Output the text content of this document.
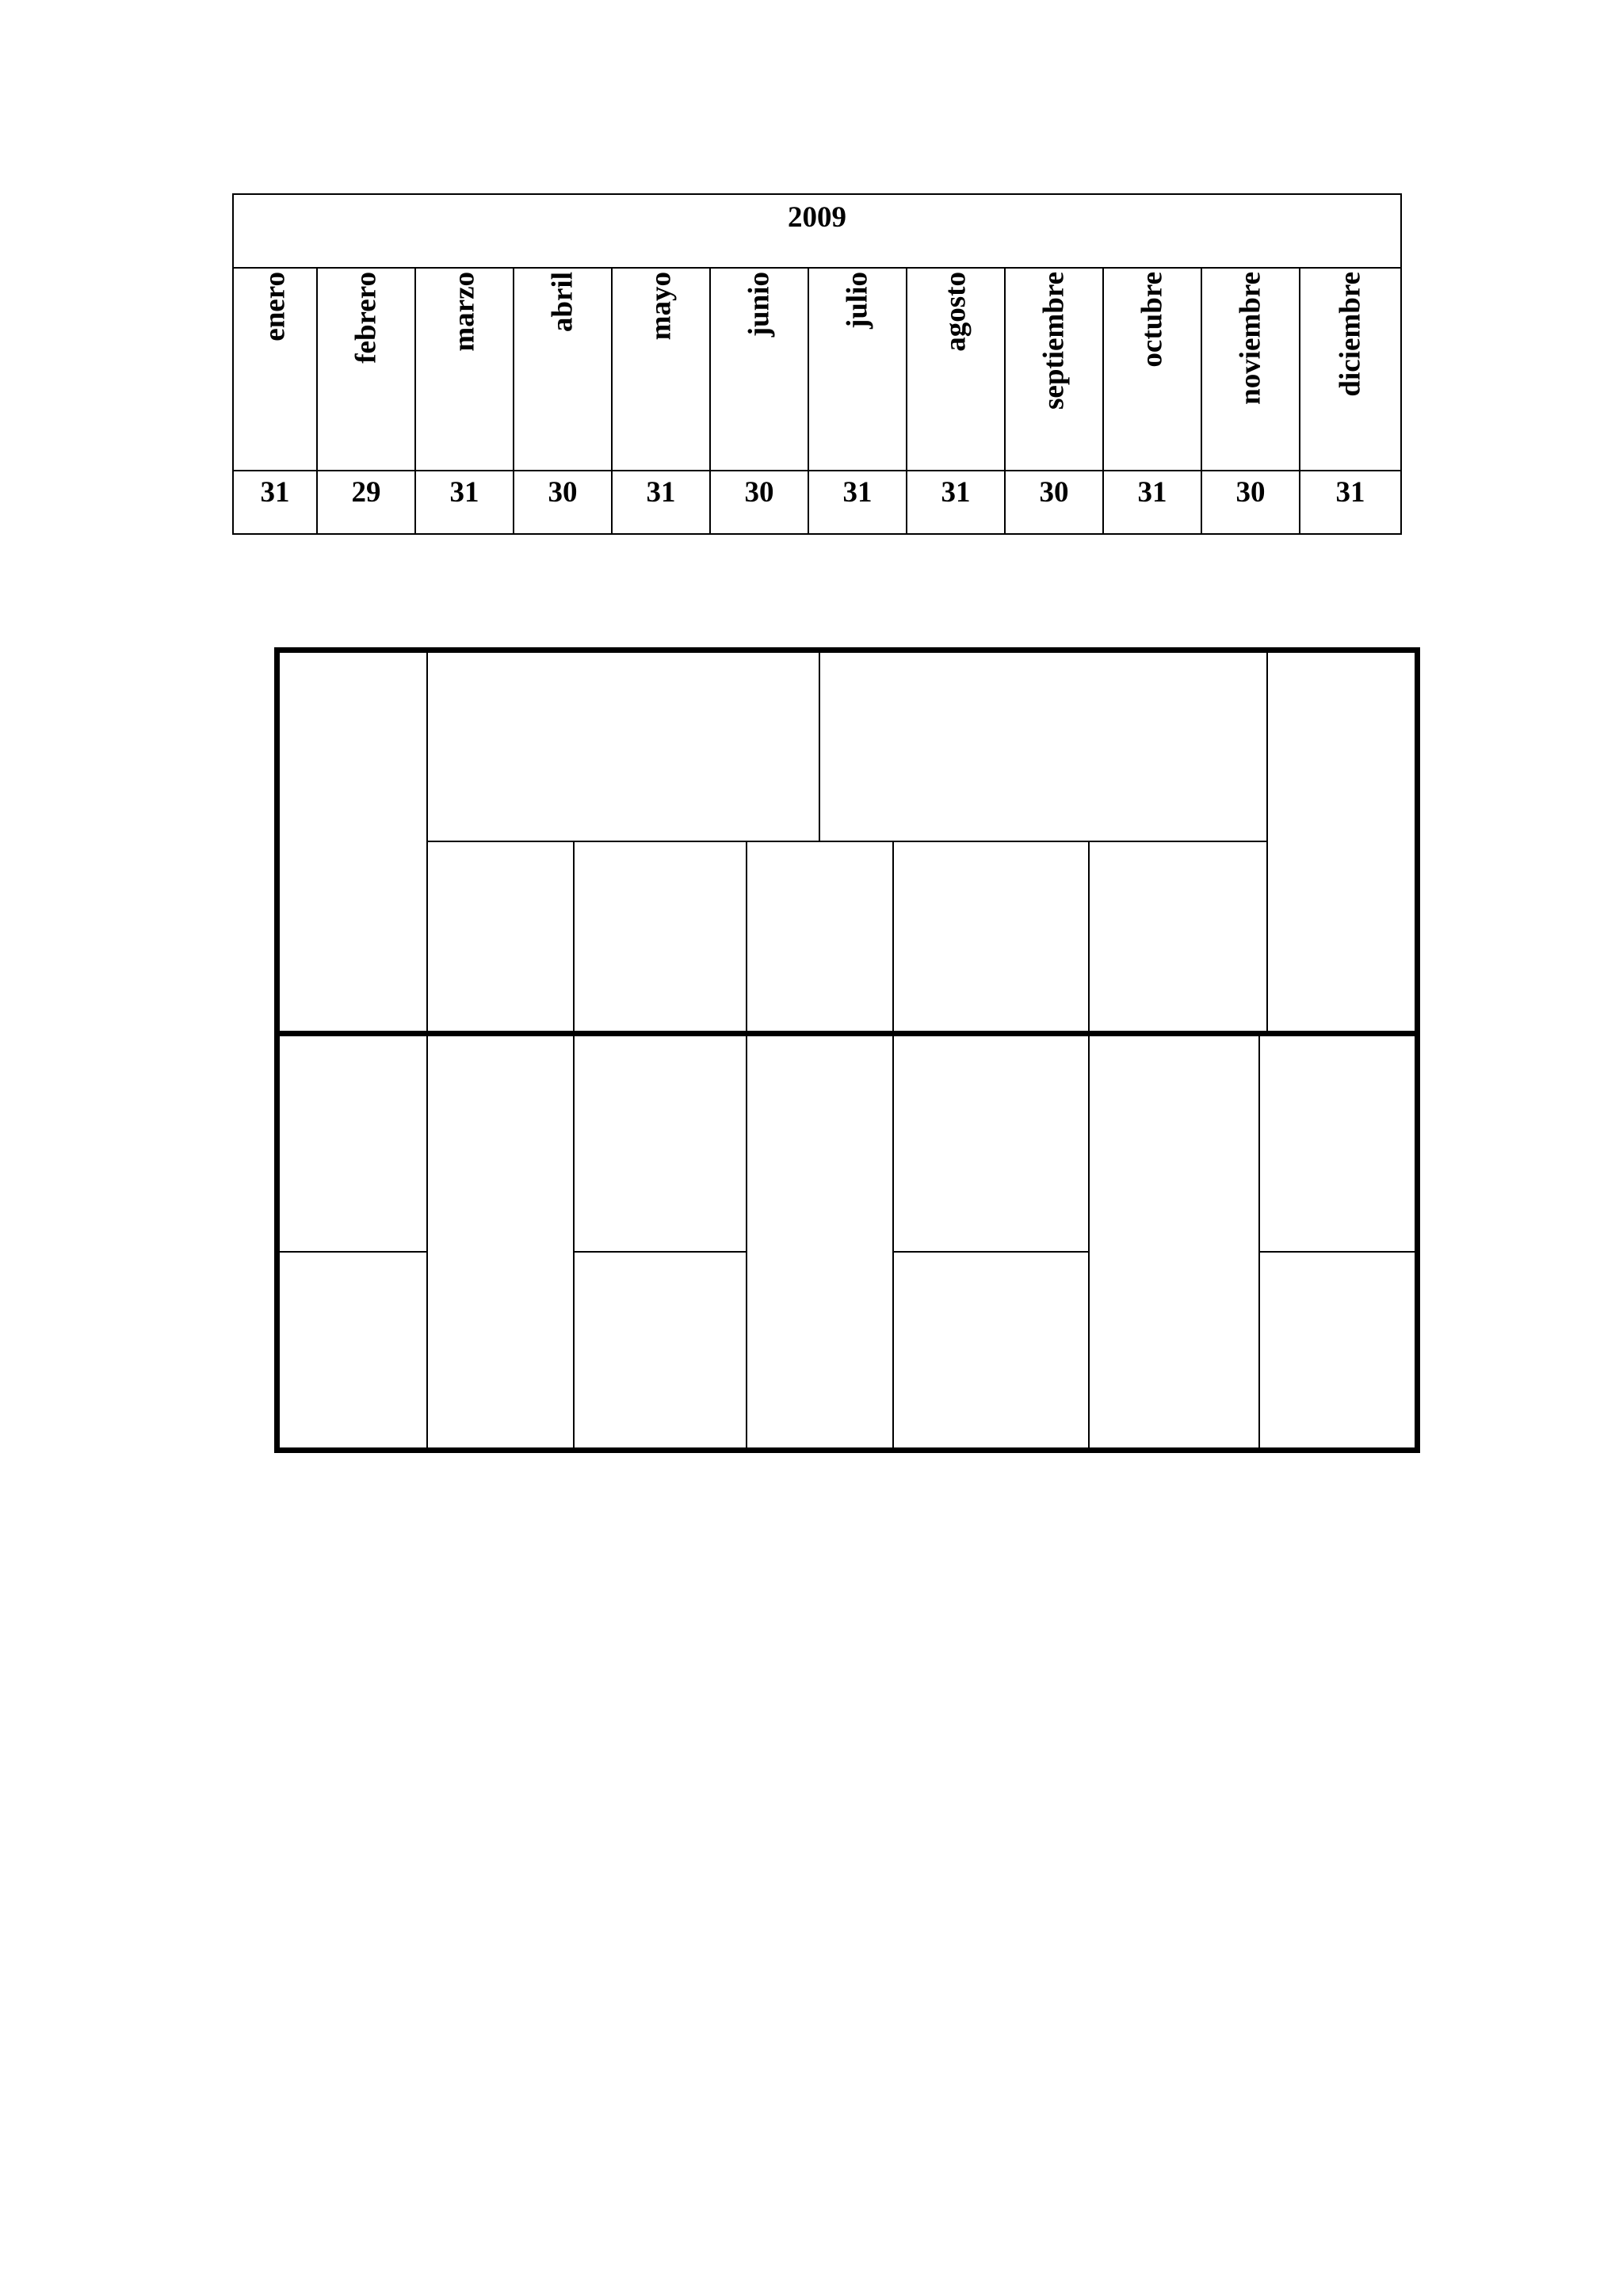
2009											

enero	febrero	marzo	abril	mayo	junio	julio	agosto	septiembre	octubre	noviembre	diciembre

31	29	31	30	31	30	31	31	30	31	30	31
